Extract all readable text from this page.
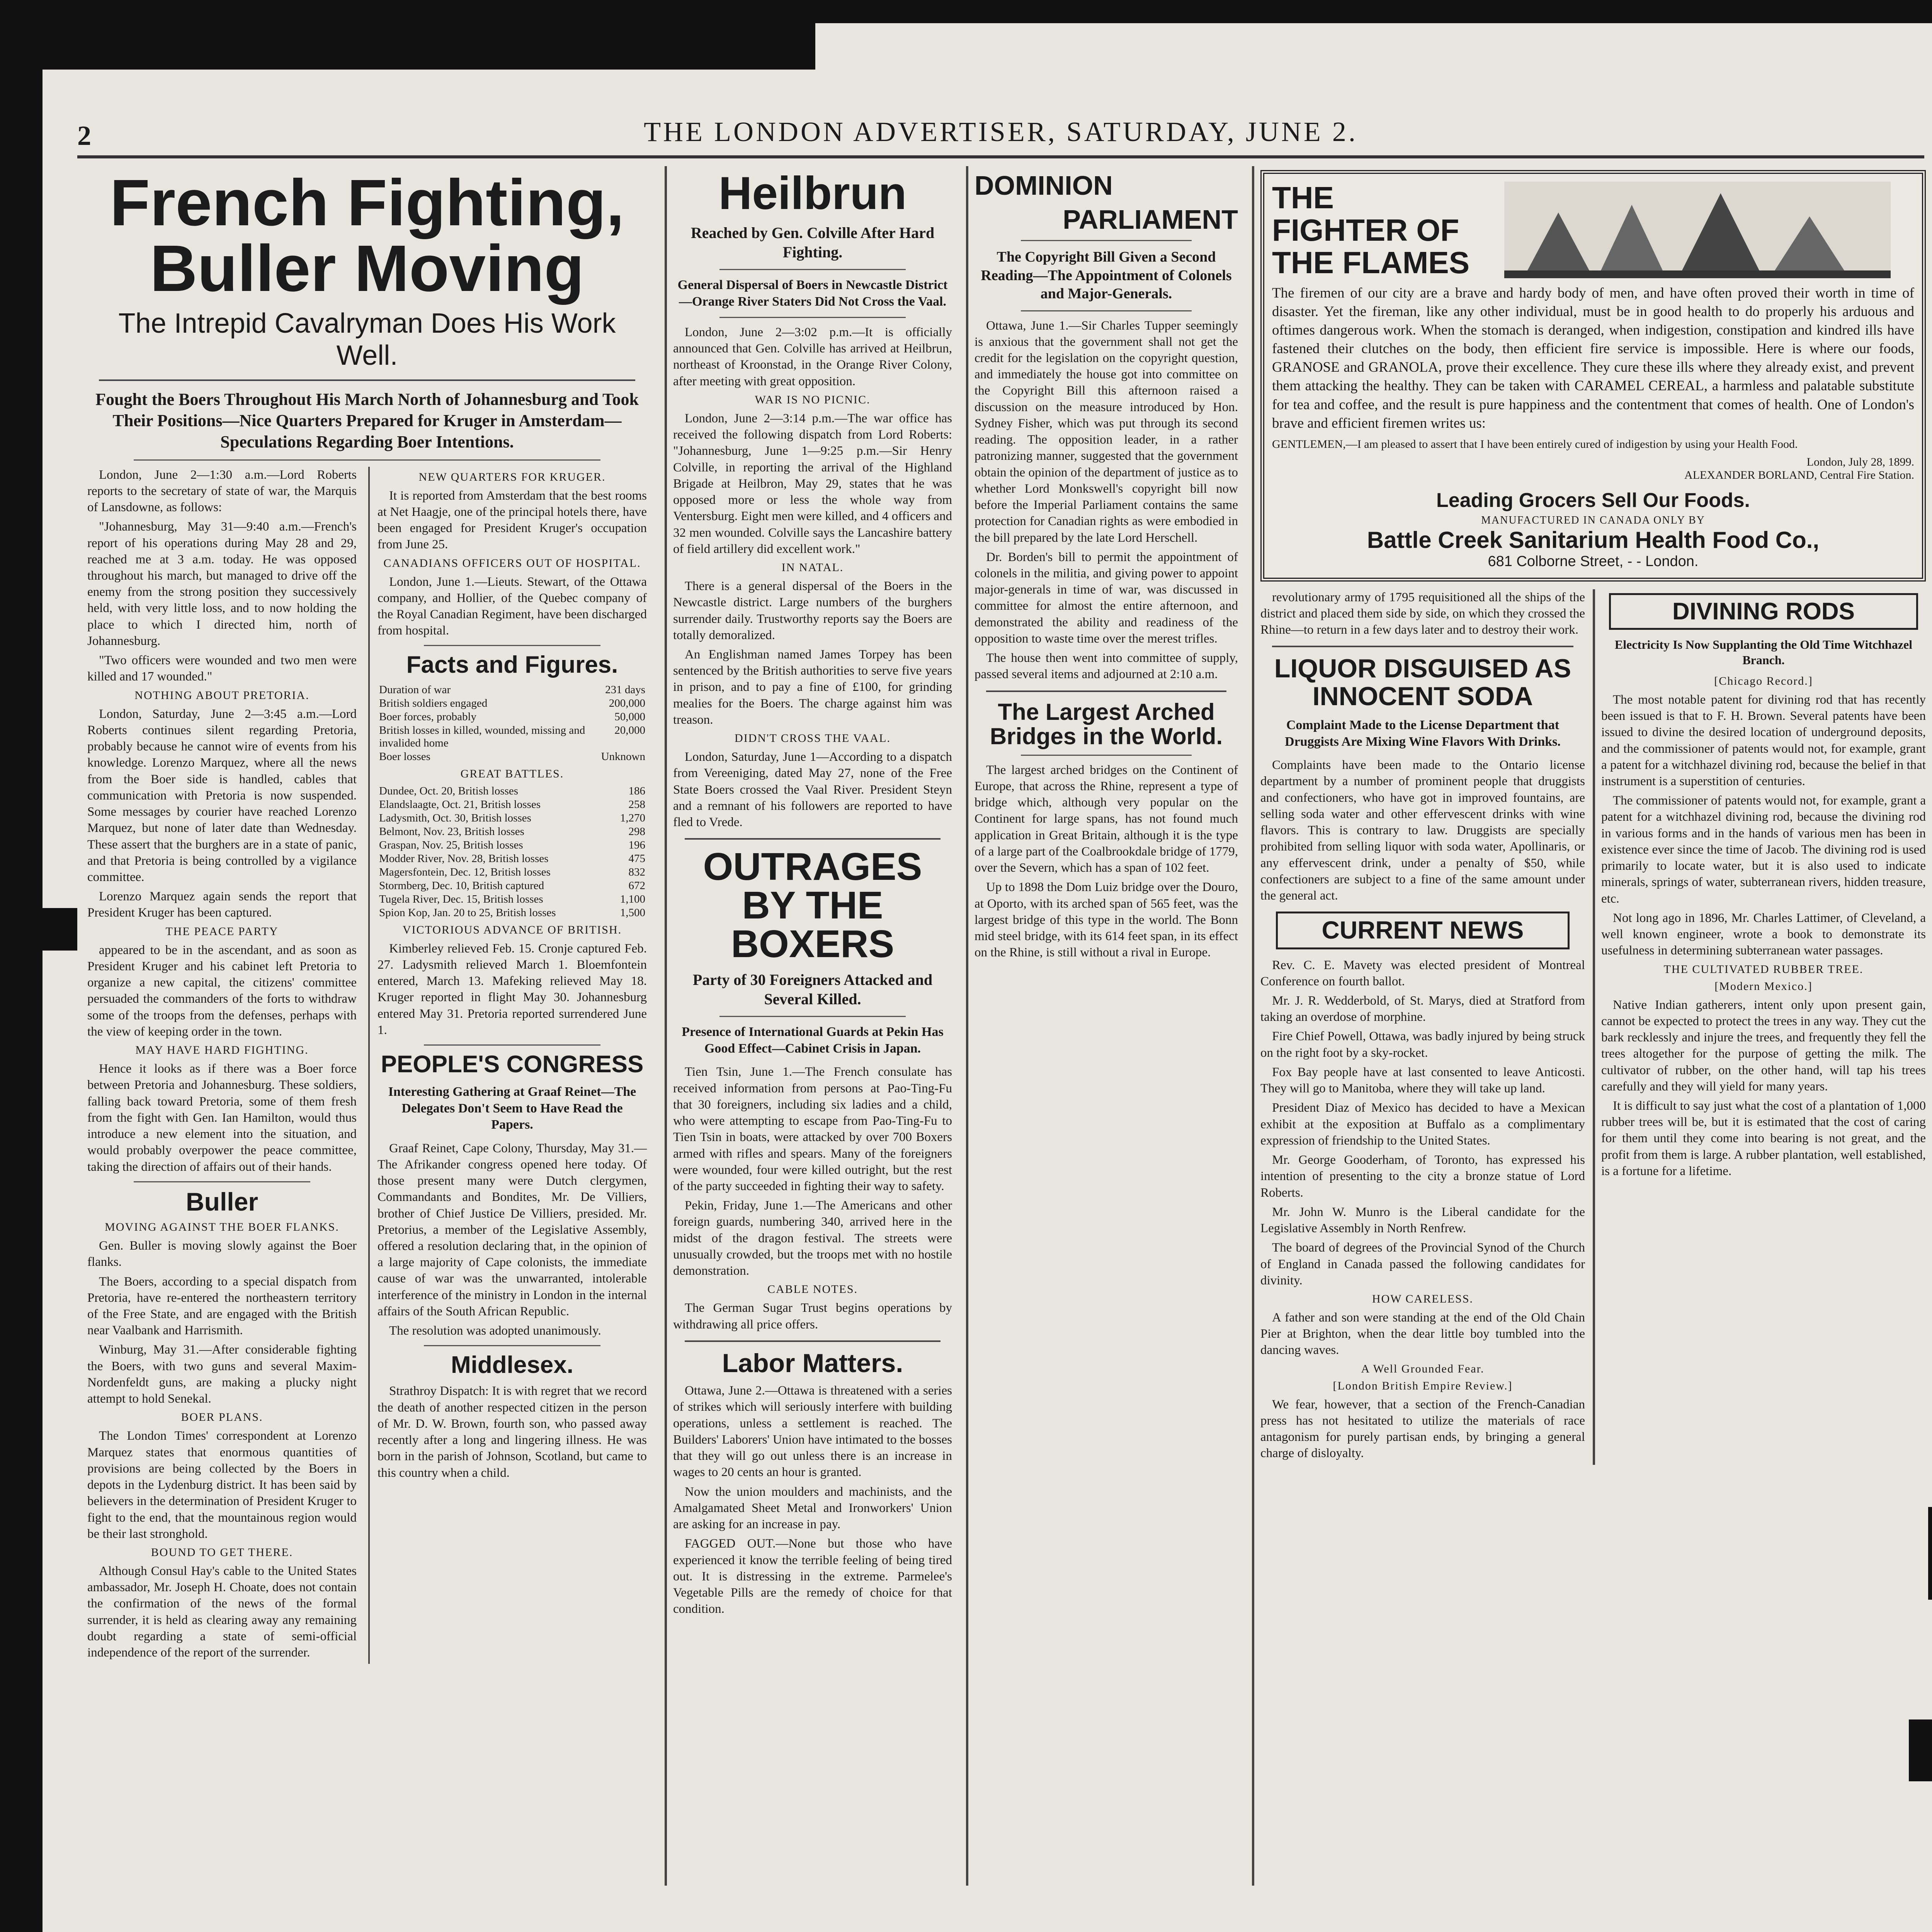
2	THE LONDON ADVERTISER, SATURDAY, JUNE 2.
French Fighting, Buller Moving
The Intrepid Cavalryman Does His Work Well.
Fought the Boers Throughout His March North of Johannesburg and Took Their Positions—Nice Quarters Prepared for Kruger in Amsterdam—Speculations Regarding Boer Intentions.

London, June 2—1:30 a.m.—Lord Roberts reports to the secretary of state of war, the Marquis of Lansdowne, as follows:

"Johannesburg, May 31—9:40 a.m.—French's report of his operations during May 28 and 29, reached me at 3 a.m. today. He was opposed throughout his march, but managed to drive off the enemy from the strong position they successively held, with very little loss, and to now holding the place to which I directed him, north of Johannesburg.

"Two officers were wounded and two men were killed and 17 wounded."

NOTHING ABOUT PRETORIA.

London, Saturday, June 2—3:45 a.m.—Lord Roberts continues silent regarding Pretoria, probably because he cannot wire of events from his knowledge. Lorenzo Marquez, where all the news from the Boer side is handled, cables that communication with Pretoria is now suspended. Some messages by courier have reached Lorenzo Marquez, but none of later date than Wednesday. These assert that the burghers are in a state of panic, and that Pretoria is being controlled by a vigilance committee.

Lorenzo Marquez again sends the report that President Kruger has been captured.

THE PEACE PARTY

appeared to be in the ascendant, and as soon as President Kruger and his cabinet left Pretoria to organize a new capital, the citizens' committee persuaded the commanders of the forts to withdraw some of the troops from the defenses, perhaps with the view of keeping order in the town.

MAY HAVE HARD FIGHTING.

Hence it looks as if there was a Boer force between Pretoria and Johannesburg. These soldiers, falling back toward Pretoria, some of them fresh from the fight with Gen. Ian Hamilton, would thus introduce a new element into the situation, and would probably overpower the peace committee, taking the direction of affairs out of their hands.

Buller
MOVING AGAINST THE BOER FLANKS.

Gen. Buller is moving slowly against the Boer flanks.

The Boers, according to a special dispatch from Pretoria, have re-entered the northeastern territory of the Free State, and are engaged with the British near Vaalbank and Harrismith.

Winburg, May 31.—After considerable fighting the Boers, with two guns and several Maxim-Nordenfeldt guns, are making a plucky night attempt to hold Senekal.

BOER PLANS.

The London Times' correspondent at Lorenzo Marquez states that enormous quantities of provisions are being collected by the Boers in depots in the Lydenburg district. It has been said by believers in the determination of President Kruger to fight to the end, that the mountainous region would be their last stronghold.

BOUND TO GET THERE.

Although Consul Hay's cable to the United States ambassador, Mr. Joseph H. Choate, does not contain the confirmation of the news of the formal surrender, it is held as clearing away any remaining doubt regarding a state of semi-official independence of the report of the surrender.

NEW QUARTERS FOR KRUGER.

It is reported from Amsterdam that the best rooms at Net Haagje, one of the principal hotels there, have been engaged for President Kruger's occupation from June 25.

CANADIANS OFFICERS OUT OF HOSPITAL.

London, June 1.—Lieuts. Stewart, of the Ottawa company, and Hollier, of the Quebec company of the Royal Canadian Regiment, have been discharged from hospital.

Facts and Figures.
Duration of war	231 days
British soldiers engaged	200,000
Boer forces, probably	50,000
British losses in killed, wounded, missing and invalided home	20,000
Boer losses	Unknown
GREAT BATTLES.
Dundee, Oct. 20, British losses	186
Elandslaagte, Oct. 21, British losses	258
Ladysmith, Oct. 30, British losses	1,270
Belmont, Nov. 23, British losses	298
Graspan, Nov. 25, British losses	196
Modder River, Nov. 28, British losses	475
Magersfontein, Dec. 12, British losses	832
Stormberg, Dec. 10, British captured	672
Tugela River, Dec. 15, British losses	1,100
Spion Kop, Jan. 20 to 25, British losses	1,500
VICTORIOUS ADVANCE OF BRITISH.

Kimberley relieved Feb. 15. Cronje captured Feb. 27. Ladysmith relieved March 1. Bloemfontein entered, March 13. Mafeking relieved May 18. Kruger reported in flight May 30. Johannesburg entered May 31. Pretoria reported surrendered June 1.

PEOPLE'S CONGRESS
Interesting Gathering at Graaf Reinet—The Delegates Don't Seem to Have Read the Papers.

Graaf Reinet, Cape Colony, Thursday, May 31.—The Afrikander congress opened here today. Of those present many were Dutch clergymen, Commandants and Bondites, Mr. De Villiers, brother of Chief Justice De Villiers, presided. Mr. Pretorius, a member of the Legislative Assembly, offered a resolution declaring that, in the opinion of a large majority of Cape colonists, the immediate cause of war was the unwarranted, intolerable interference of the ministry in London in the internal affairs of the South African Republic.

The resolution was adopted unanimously.

Middlesex.

Strathroy Dispatch: It is with regret that we record the death of another respected citizen in the person of Mr. D. W. Brown, fourth son, who passed away recently after a long and lingering illness. He was born in the parish of Johnson, Scotland, but came to this country when a child.

Heilbrun
Reached by Gen. Colville After Hard Fighting.
General Dispersal of Boers in Newcastle District—Orange River Staters Did Not Cross the Vaal.

London, June 2—3:02 p.m.—It is officially announced that Gen. Colville has arrived at Heilbrun, northeast of Kroonstad, in the Orange River Colony, after meeting with great opposition.

WAR IS NO PICNIC.

London, June 2—3:14 p.m.—The war office has received the following dispatch from Lord Roberts: "Johannesburg, June 1—9:25 p.m.—Sir Henry Colville, in reporting the arrival of the Highland Brigade at Heilbron, May 29, states that he was opposed more or less the whole way from Ventersburg. Eight men were killed, and 4 officers and 32 men wounded. Colville says the Lancashire battery of field artillery did excellent work."

IN NATAL.

There is a general dispersal of the Boers in the Newcastle district. Large numbers of the burghers surrender daily. Trustworthy reports say the Boers are totally demoralized.

An Englishman named James Torpey has been sentenced by the British authorities to serve five years in prison, and to pay a fine of £100, for grinding mealies for the Boers. The charge against him was treason.

DIDN'T CROSS THE VAAL.

London, Saturday, June 1—According to a dispatch from Vereeniging, dated May 27, none of the Free State Boers crossed the Vaal River. President Steyn and a remnant of his followers are reported to have fled to Vrede.

OUTRAGES BY THE BOXERS
Party of 30 Foreigners Attacked and Several Killed.
Presence of International Guards at Pekin Has Good Effect—Cabinet Crisis in Japan.

Tien Tsin, June 1.—The French consulate has received information from persons at Pao-Ting-Fu that 30 foreigners, including six ladies and a child, who were attempting to escape from Pao-Ting-Fu to Tien Tsin in boats, were attacked by over 700 Boxers armed with rifles and spears. Many of the foreigners were wounded, four were killed outright, but the rest of the party succeeded in fighting their way to safety.

Pekin, Friday, June 1.—The Americans and other foreign guards, numbering 340, arrived here in the midst of the dragon festival. The streets were unusually crowded, but the troops met with no hostile demonstration.

CABLE NOTES.

The German Sugar Trust begins operations by withdrawing all price offers.

Labor Matters.

Ottawa, June 2.—Ottawa is threatened with a series of strikes which will seriously interfere with building operations, unless a settlement is reached. The Builders' Laborers' Union have intimated to the bosses that they will go out unless there is an increase in wages to 20 cents an hour is granted.

Now the union moulders and machinists, and the Amalgamated Sheet Metal and Ironworkers' Union are asking for an increase in pay.

FAGGED OUT.—None but those who have experienced it know the terrible feeling of being tired out. It is distressing in the extreme. Parmelee's Vegetable Pills are the remedy of choice for that condition.

DOMINION
PARLIAMENT
The Copyright Bill Given a Second Reading—The Appointment of Colonels and Major-Generals.

Ottawa, June 1.—Sir Charles Tupper seemingly is anxious that the government shall not get the credit for the legislation on the copyright question, and immediately the house got into committee on the Copyright Bill this afternoon raised a discussion on the measure introduced by Hon. Sydney Fisher, which was put through its second reading. The opposition leader, in a rather patronizing manner, suggested that the government obtain the opinion of the department of justice as to whether Lord Monkswell's copyright bill now before the Imperial Parliament contains the same protection for Canadian rights as were embodied in the bill prepared by the late Lord Herschell.

Dr. Borden's bill to permit the appointment of colonels in the militia, and giving power to appoint major-generals in time of war, was discussed in committee for almost the entire afternoon, and demonstrated the ability and readiness of the opposition to waste time over the merest trifles.

The house then went into committee of supply, passed several items and adjourned at 2:10 a.m.

The Largest Arched Bridges in the World.

The largest arched bridges on the Continent of Europe, that across the Rhine, represent a type of bridge which, although very popular on the Continent for large spans, has not found much application in Great Britain, although it is the type of a large part of the Coalbrookdale bridge of 1779, over the Severn, which has a span of 102 feet.

Up to 1898 the Dom Luiz bridge over the Douro, at Oporto, with its arched span of 565 feet, was the largest bridge of this type in the world. The Bonn mid steel bridge, with its 614 feet span, in its effect on the Rhine, is still without a rival in Europe.

THE FIGHTER OF THE FLAMES

The firemen of our city are a brave and hardy body of men, and have often proved their worth in time of disaster. Yet the fireman, like any other individual, must be in good health to do properly his arduous and oftimes dangerous work. When the stomach is deranged, when indigestion, constipation and kindred ills have fastened their clutches on the body, then efficient fire service is impossible. Here is where our foods, GRANOSE and GRANOLA, prove their excellence. They cure these ills where they already exist, and prevent them attacking the healthy. They can be taken with CARAMEL CEREAL, a harmless and palatable substitute for tea and coffee, and the result is pure happiness and the contentment that comes of health. One of London's brave and efficient firemen writes us:

GENTLEMEN,—I am pleased to assert that I have been entirely cured of indigestion by using your Health Food.

London, July 28, 1899.
ALEXANDER BORLAND, Central Fire Station.
Leading Grocers Sell Our Foods.
MANUFACTURED IN CANADA ONLY BY
Battle Creek Sanitarium Health Food Co.,
681 Colborne Street, - - London.

revolutionary army of 1795 requisitioned all the ships of the district and placed them side by side, on which they crossed the Rhine—to return in a few days later and to destroy their work.

LIQUOR DISGUISED AS INNOCENT SODA
Complaint Made to the License Department that Druggists Are Mixing Wine Flavors With Drinks.

Complaints have been made to the Ontario license department by a number of prominent people that druggists and confectioners, who have got in improved fountains, are selling soda water and other effervescent drinks with wine flavors. This is contrary to law. Druggists are specially prohibited from selling liquor with soda water, Apollinaris, or any effervescent drink, under a penalty of $50, while confectioners are subject to a fine of the same amount under the general act.

CURRENT NEWS

Rev. C. E. Mavety was elected president of Montreal Conference on fourth ballot.

Mr. J. R. Wedderbold, of St. Marys, died at Stratford from taking an overdose of morphine.

Fire Chief Powell, Ottawa, was badly injured by being struck on the right foot by a sky-rocket.

Fox Bay people have at last consented to leave Anticosti. They will go to Manitoba, where they will take up land.

President Diaz of Mexico has decided to have a Mexican exhibit at the exposition at Buffalo as a complimentary expression of friendship to the United States.

Mr. George Gooderham, of Toronto, has expressed his intention of presenting to the city a bronze statue of Lord Roberts.

Mr. John W. Munro is the Liberal candidate for the Legislative Assembly in North Renfrew.

The board of degrees of the Provincial Synod of the Church of England in Canada passed the following candidates for divinity.

HOW CARELESS.

A father and son were standing at the end of the Old Chain Pier at Brighton, when the dear little boy tumbled into the dancing waves.

A Well Grounded Fear.
[London British Empire Review.]

We fear, however, that a section of the French-Canadian press has not hesitated to utilize the materials of race antagonism for purely partisan ends, by bringing a general charge of disloyalty.

DIVINING RODS
Electricity Is Now Supplanting the Old Time Witchhazel Branch.
[Chicago Record.]

The most notable patent for divining rod that has recently been issued is that to F. H. Brown. Several patents have been issued to divine the desired location of underground deposits, and the commissioner of patents would not, for example, grant a patent for a witchhazel divining rod, because the belief in that instrument is a superstition of centuries.

The commissioner of patents would not, for example, grant a patent for a witchhazel divining rod, because the divining rod in various forms and in the hands of various men has been in existence ever since the time of Jacob. The divining rod is used primarily to locate water, but it is also used to indicate minerals, springs of water, subterranean rivers, hidden treasure, etc.

Not long ago in 1896, Mr. Charles Lattimer, of Cleveland, a well known engineer, wrote a book to demonstrate its usefulness in determining subterranean water passages.

THE CULTIVATED RUBBER TREE.
[Modern Mexico.]

Native Indian gatherers, intent only upon present gain, cannot be expected to protect the trees in any way. They cut the bark recklessly and injure the trees, and frequently they fell the trees altogether for the purpose of getting the milk. The cultivator of rubber, on the other hand, will tap his trees carefully and they will yield for many years.

It is difficult to say just what the cost of a plantation of 1,000 rubber trees will be, but it is estimated that the cost of caring for them until they come into bearing is not great, and the profit from them is large. A rubber plantation, well established, is a fortune for a lifetime.
